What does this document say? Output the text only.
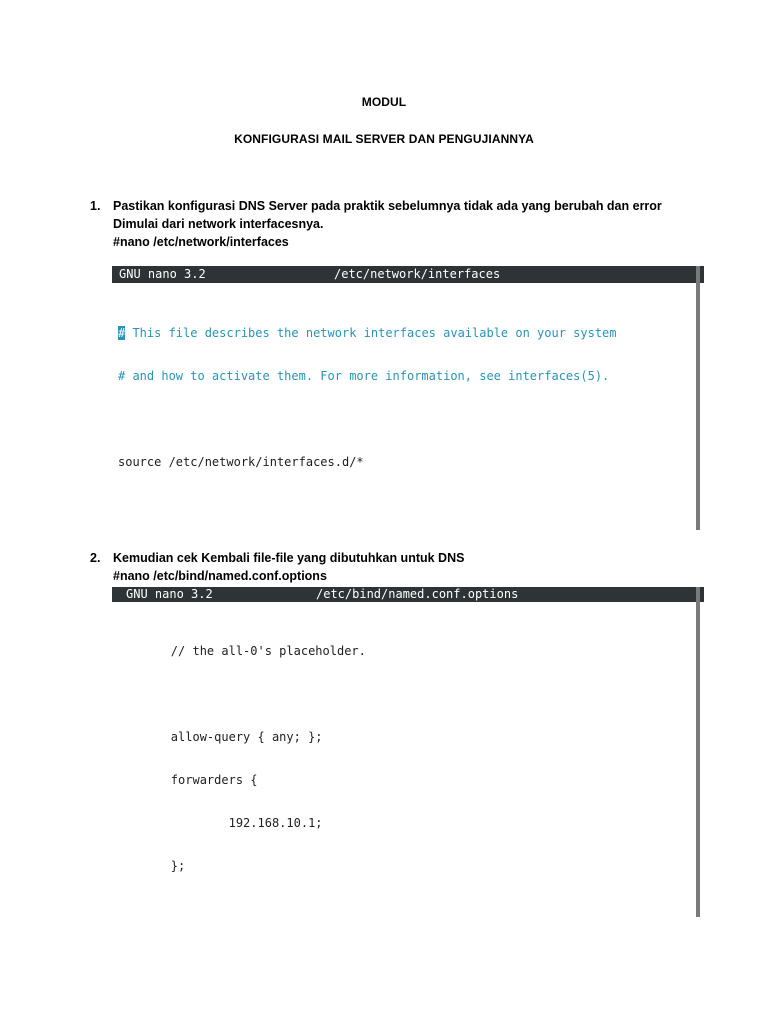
MODUL
KONFIGURASI MAIL SERVER DAN PENGUJIANNYA
1. Pastikan konfigurasi DNS Server pada praktik sebelumnya tidak ada yang berubah dan error
Dimulai dari network interfacesnya.
#nano /etc/network/interfaces

GNU nano 3.2

	/etc/network/interfaces

# This file describes the network interfaces available on your system

# and how to activate them. For more information, see interfaces(5).

source /etc/network/interfaces.d/*

2. Kemudian cek Kembali file-file yang dibutuhkan untuk DNS
#nano /etc/bind/named.conf.options

GNU nano 3.2

	/etc/bind/named.conf.options

// the all-0's placeholder.

allow-query { any; };

forwarders {

192.168.10.1;

};
